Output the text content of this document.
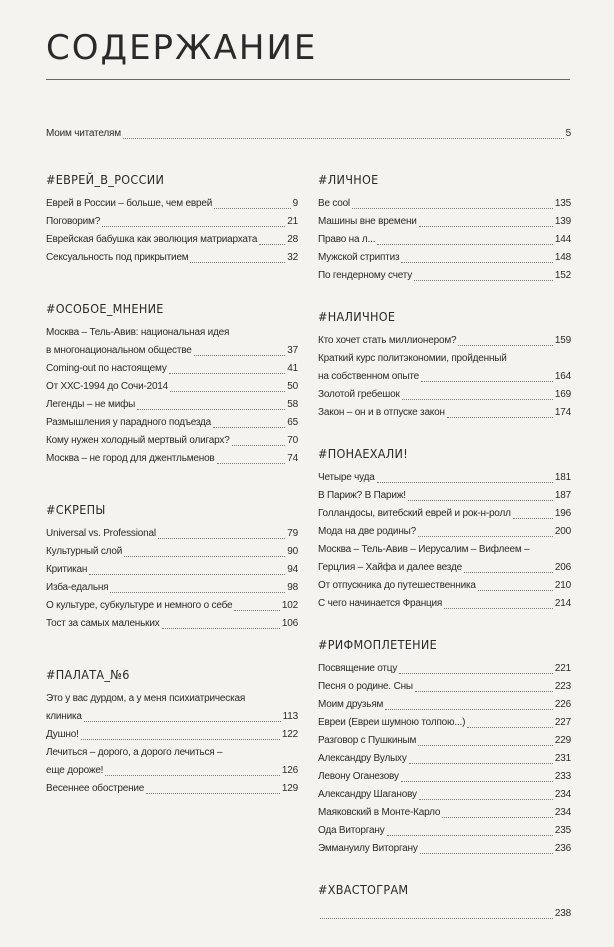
СОДЕРЖАНИЕ
Моим читателям	5
#ЕВРЕЙ_В_РОССИИ
Еврей в России – больше, чем еврей	9
Поговорим?	21
Еврейская бабушка как эволюция матриархата	28
Сексуальность под прикрытием	32
#ОСОБОЕ_МНЕНИЕ
Москва – Тель-Авив: национальная идея
в многонациональном обществе	37
Coming-out по настоящему	41
От ХХС-1994 до Сочи-2014	50
Легенды – не мифы	58
Размышления у парадного подъезда	65
Кому нужен холодный мертвый олигарх?	70
Москва – не город для джентльменов	74
#СКРЕПЫ
Universal vs. Professional	79
Культурный слой	90
Критикан	94
Изба-едальня	98
О культуре, субкультуре и немного о себе	102
Тост за самых маленьких	106
#ПАЛАТА_№6
Это у вас дурдом, а у меня психиатрическая
клиника	113
Душно!	122
Лечиться – дорого, а дорого лечиться –
еще дороже!	126
Весеннее обострение	129
#ЛИЧНОЕ
Be cool	135
Машины вне времени	139
Право на л...	144
Мужской стриптиз	148
По гендерному счету	152
#НАЛИЧНОЕ
Кто хочет стать миллионером?	159
Краткий курс политэкономии, пройденный
на собственном опыте	164
Золотой гребешок	169
Закон – он и в отпуске закон	174
#ПОНАЕХАЛИ!
Четыре чуда	181
В Париж? В Париж!	187
Голландосы, витебский еврей и рок-н-ролл	196
Мода на две родины?	200
Москва – Тель-Авив – Иерусалим – Вифлеем –
Герцлия – Хайфа и далее везде	206
От отпускника до путешественника	210
С чего начинается Франция	214
#РИФМОПЛЕТЕНИЕ
Посвящение отцу	221
Песня о родине. Сны	223
Моим друзьям	226
Евреи (Евреи шумною толпою...)	227
Разговор с Пушкиным	229
Александру Вулыху	231
Левону Оганезову	233
Александру Шаганову	234
Маяковский в Монте-Карло	234
Ода Виторгану	235
Эммануилу Виторгану	236
#ХВАСТОГРАМ
238
